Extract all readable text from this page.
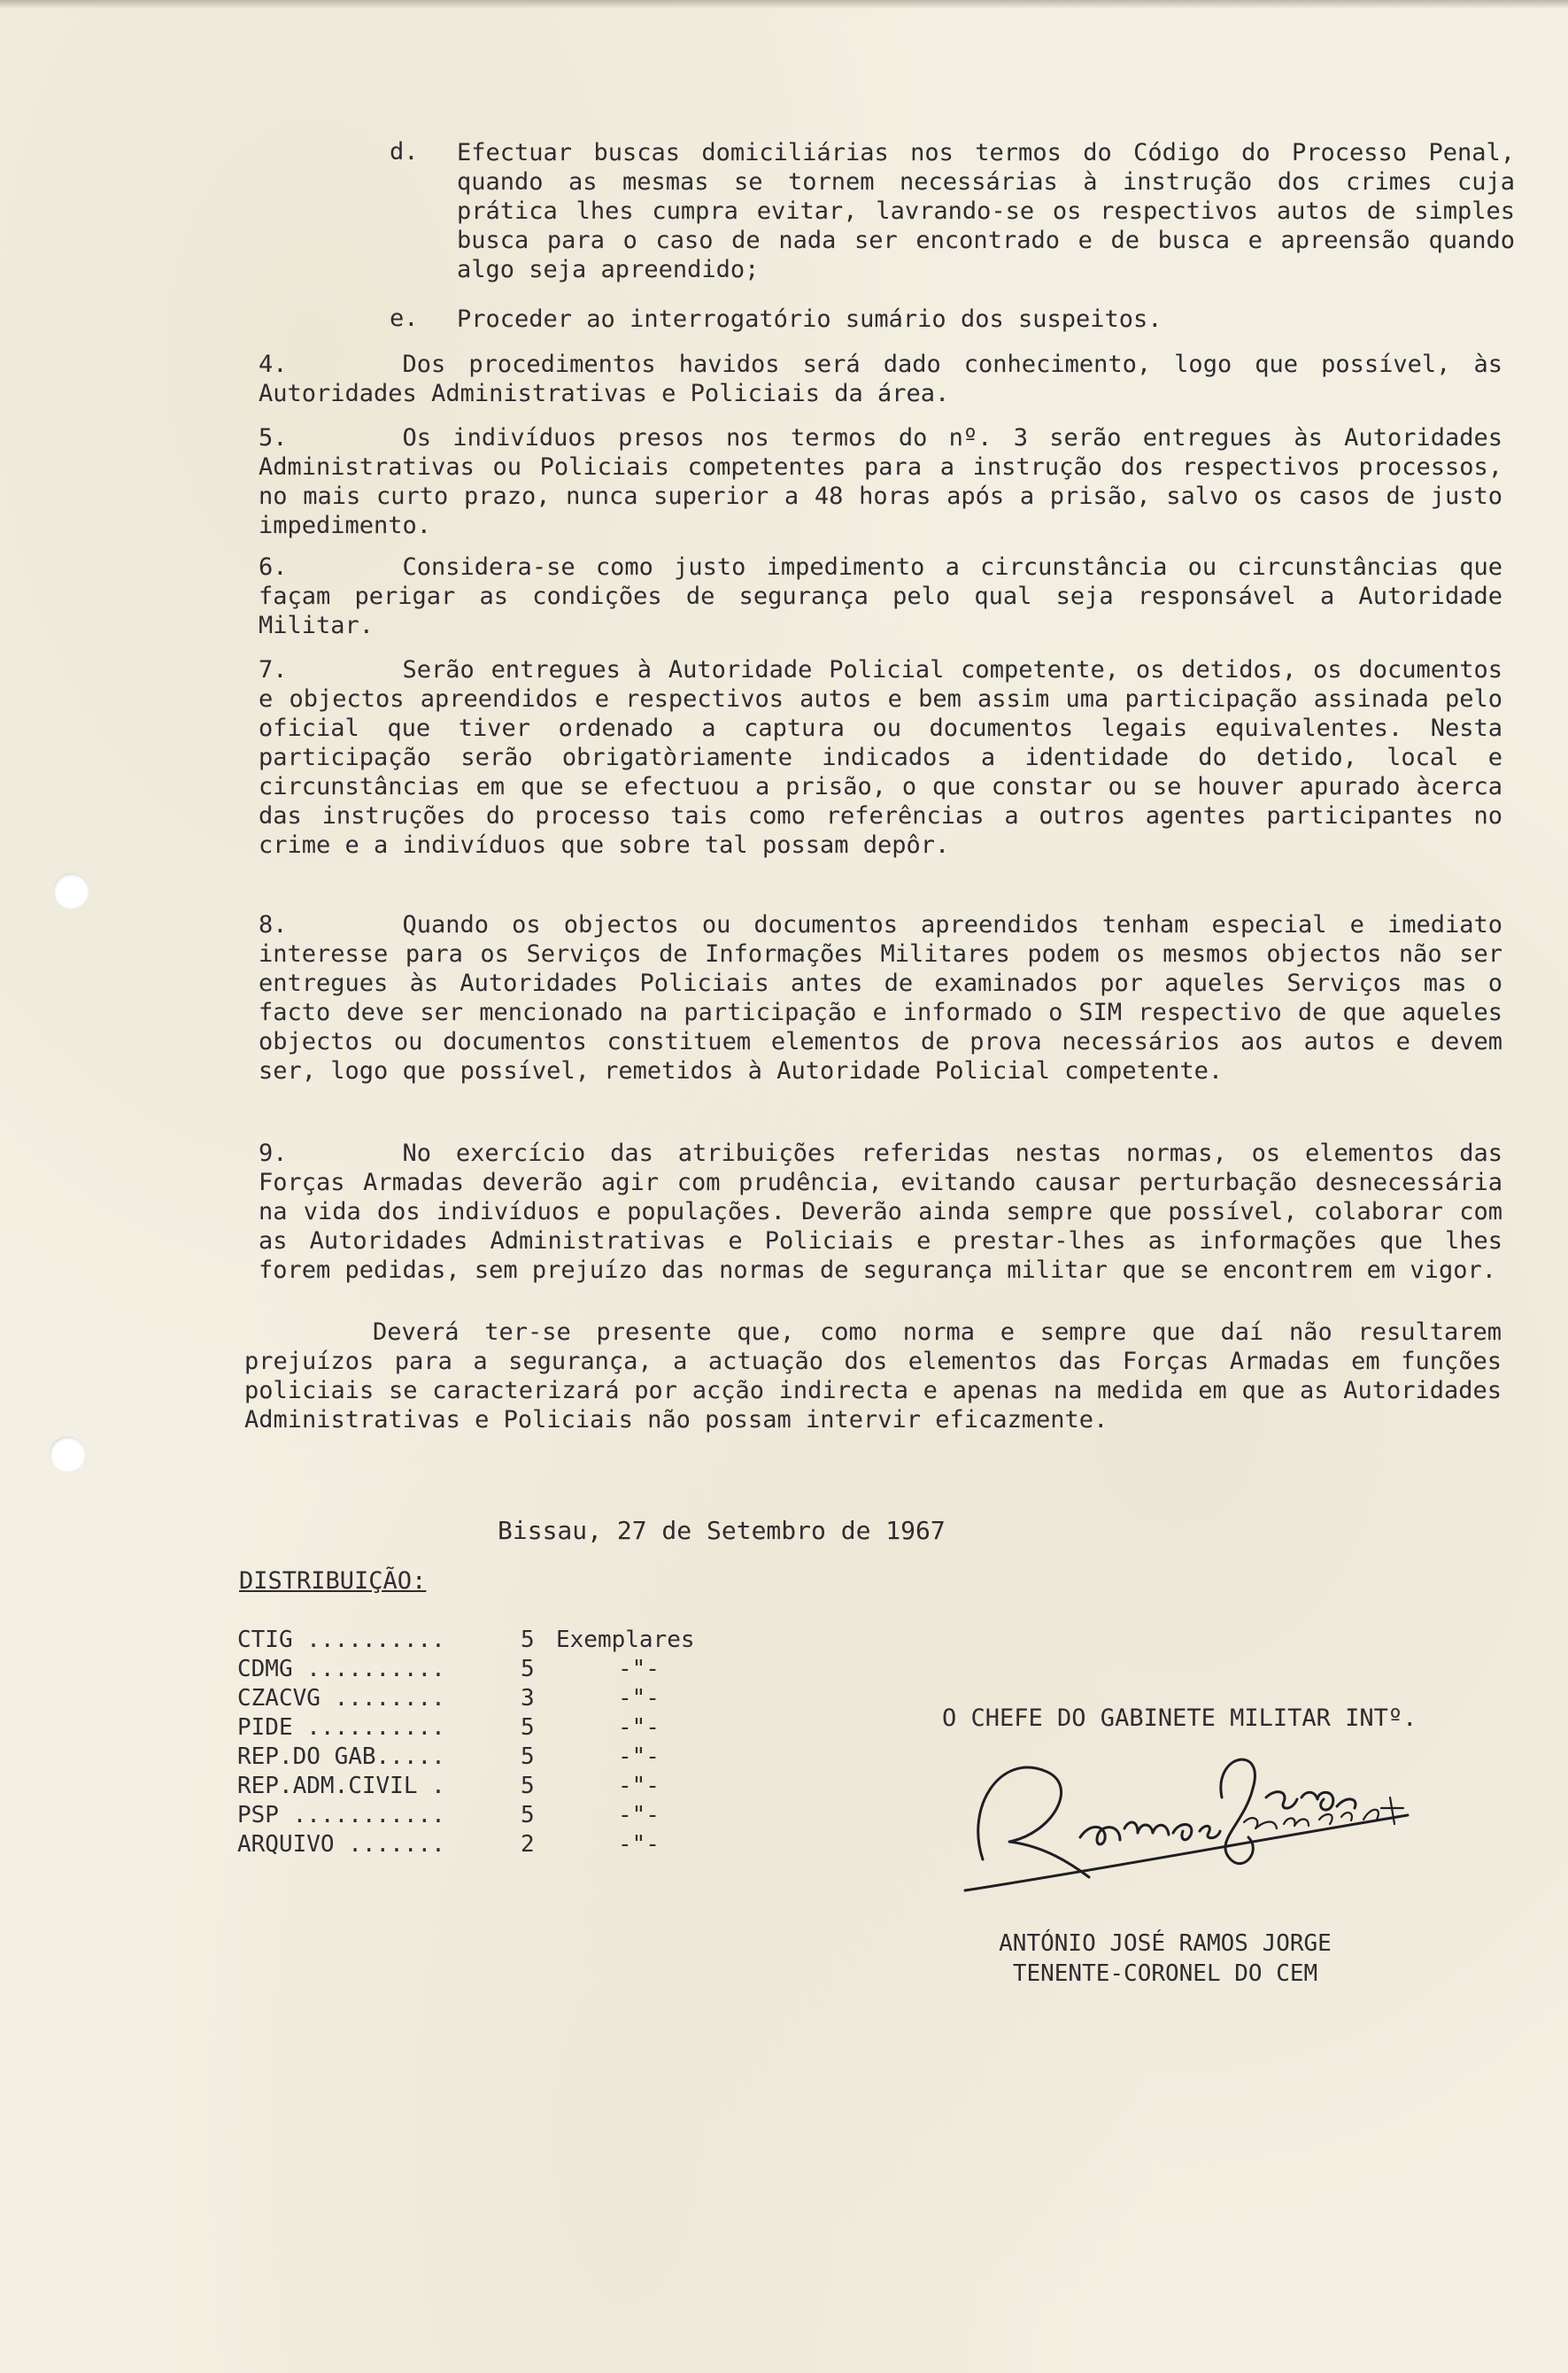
d. Efectuar buscas domiciliárias nos termos do Código do Processo Penal, quando as mesmas se tornem necessárias à instrução dos crimes cuja prática lhes cumpra evitar, lavrando-se os respectivos autos de simples busca para o caso de nada ser encontrado e de busca e apreensão quando algo seja apreendido;
e. Proceder ao interrogatório sumário dos suspeitos.
4.	Dos procedimentos havidos será dado conhecimento, logo que possível, às Autoridades Administrativas e Policiais da área.
5.	Os indivíduos presos nos termos do nº. 3 serão entregues às Autoridades Administrativas ou Policiais competentes para a instrução dos respectivos processos, no mais curto prazo, nunca superior a 48 horas após a prisão, salvo os casos de justo impedimento.
6.	Considera-se como justo impedimento a circunstância ou circunstâncias que façam perigar as condições de segurança pelo qual seja responsável a Autoridade Militar.
7.	Serão entregues à Autoridade Policial competente, os detidos, os documentos e objectos apreendidos e respectivos autos e bem assim uma participação assinada pelo oficial que tiver ordenado a captura ou documentos legais equivalentes. Nesta participação serão obrigatòriamente indicados a identidade do detido, local e circunstâncias em que se efectuou a prisão, o que constar ou se houver apurado àcerca das instruções do processo tais como referências a outros agentes participantes no crime e a indivíduos que sobre tal possam depôr.
8.	Quando os objectos ou documentos apreendidos tenham especial e imediato interesse para os Serviços de Informações Militares podem os mesmos objectos não ser entregues às Autoridades Policiais antes de examinados por aqueles Serviços mas o facto deve ser mencionado na participação e informado o SIM respectivo de que aqueles objectos ou documentos constituem elementos de prova necessários aos autos e devem ser, logo que possível, remetidos à Autoridade Policial competente.
9.	No exercício das atribuições referidas nestas normas, os elementos das Forças Armadas deverão agir com prudência, evitando causar perturbação desnecessária na vida dos indivíduos e populações. Deverão ainda sempre que possível, colaborar com as Autoridades Administrativas e Policiais e prestar-lhes as informações que lhes forem pedidas, sem prejuízo das normas de segurança militar que se encontrem em vigor.
Deverá ter-se presente que, como norma e sempre que daí não resultarem prejuízos para a segurança, a actuação dos elementos das Forças Armadas em funções policiais se caracterizará por acção indirecta e apenas na medida em que as Autoridades Administrativas e Policiais não possam intervir eficazmente.
Bissau, 27 de Setembro de 1967
DISTRIBUIÇÃO:
CTIG ..........	5 Exemplares
CDMG ..........	5	-"-
CZACVG ........	3	-"-
PIDE ..........	5	-"-
REP.DO GAB.....	5	-"-
REP.ADM.CIVIL .	5	-"-
PSP ...........	5	-"-
ARQUIVO .......	2	-"-
O CHEFE DO GABINETE MILITAR INTº.
ANTÓNIO JOSÉ RAMOS JORGE
TENENTE-CORONEL DO CEM
